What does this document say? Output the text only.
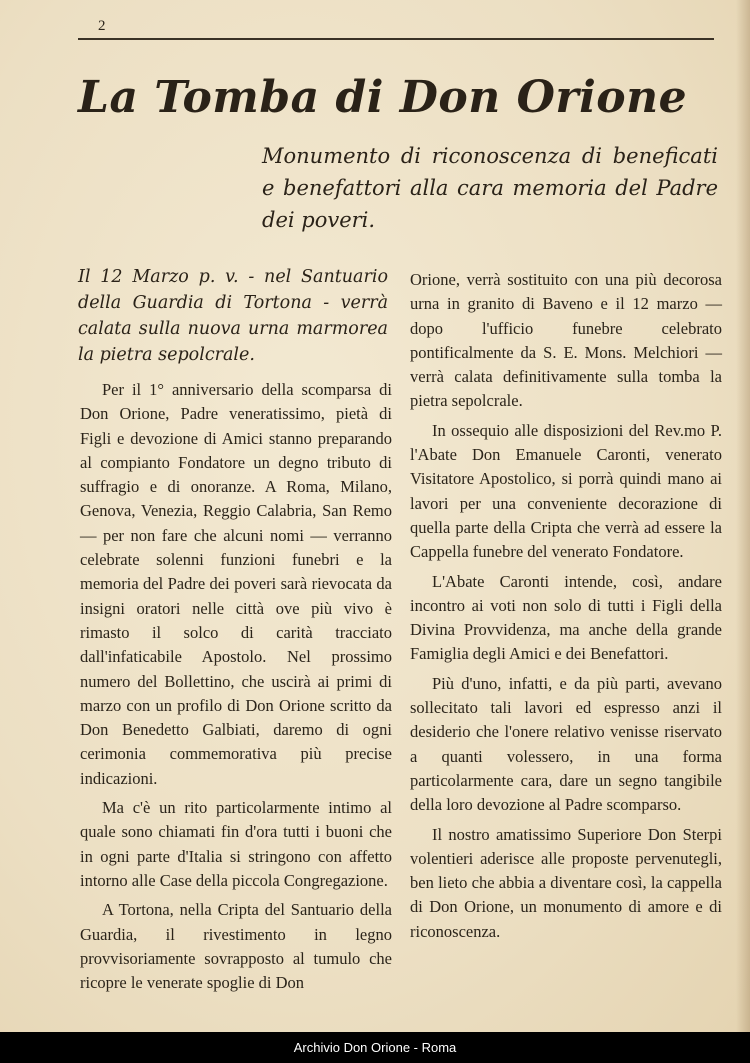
2
La Tomba di Don Orione
Monumento di riconoscenza di beneficati e benefattori alla cara memoria del Padre dei poveri.
Il 12 Marzo p. v. - nel Santuario della Guardia di Tortona - verrà calata sulla nuova urna marmorea la pietra sepolcrale.

Per il 1° anniversario della scomparsa di Don Orione, Padre veneratissimo, pietà di Figli e devozione di Amici stanno preparando al compianto Fondatore un degno tributo di suffragio e di onoranze. A Roma, Milano, Genova, Venezia, Reggio Calabria, San Remo — per non fare che alcuni nomi — verranno celebrate solenni funzioni funebri e la memoria del Padre dei poveri sarà rievocata da insigni oratori nelle città ove più vivo è rimasto il solco di carità tracciato dall'infaticabile Apostolo. Nel prossimo numero del Bollettino, che uscirà ai primi di marzo con un profilo di Don Orione scritto da Don Benedetto Galbiati, daremo di ogni cerimonia commemorativa più precise indicazioni.

Ma c'è un rito particolarmente intimo al quale sono chiamati fin d'ora tutti i buoni che in ogni parte d'Italia si stringono con affetto intorno alle Case della piccola Congregazione.

A Tortona, nella Cripta del Santuario della Guardia, il rivestimento in legno provvisoriamente sovrapposto al tumulo che ricopre le venerate spoglie di Don

Orione, verrà sostituito con una più decorosa urna in granito di Baveno e il 12 marzo — dopo l'ufficio funebre celebrato pontificalmente da S. E. Mons. Melchiori — verrà calata definitivamente sulla tomba la pietra sepolcrale.

In ossequio alle disposizioni del Rev.mo P. l'Abate Don Emanuele Caronti, venerato Visitatore Apostolico, si porrà quindi mano ai lavori per una conveniente decorazione di quella parte della Cripta che verrà ad essere la Cappella funebre del venerato Fondatore.

L'Abate Caronti intende, così, andare incontro ai voti non solo di tutti i Figli della Divina Provvidenza, ma anche della grande Famiglia degli Amici e dei Benefattori.

Più d'uno, infatti, e da più parti, avevano sollecitato tali lavori ed espresso anzi il desiderio che l'onere relativo venisse riservato a quanti volessero, in una forma particolarmente cara, dare un segno tangibile della loro devozione al Padre scomparso.

Il nostro amatissimo Superiore Don Sterpi volentieri aderisce alle proposte pervenutegli, ben lieto che abbia a diventare così, la cappella di Don Orione, un monumento di amore e di riconoscenza.

Archivio Don Orione - Roma
